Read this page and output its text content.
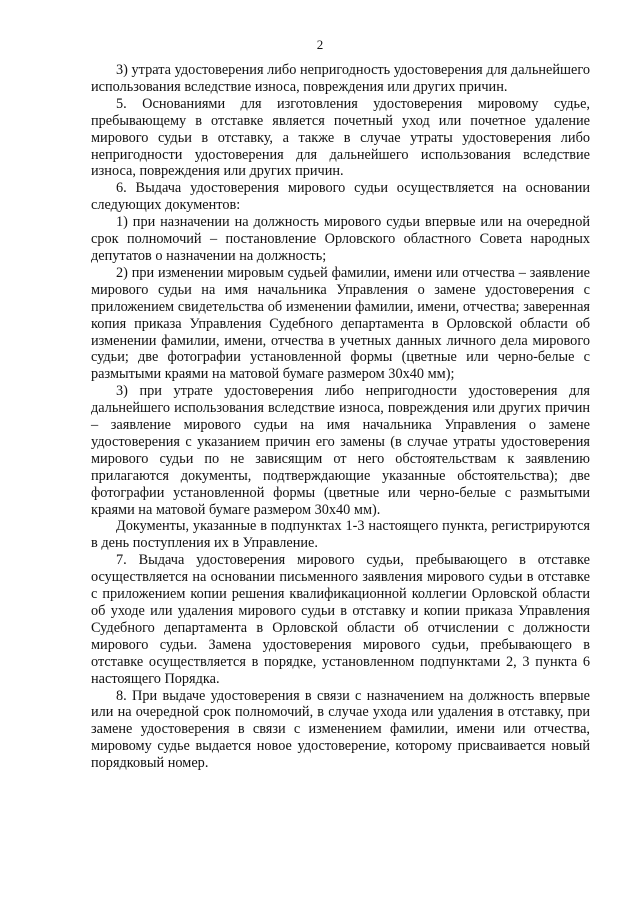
2

3) утрата удостоверения либо непригодность удостоверения для дальнейшего использования вследствие износа, повреждения или других причин.

5. Основаниями для изготовления удостоверения мировому судье, пребывающему в отставке является почетный уход или почетное удаление мирового судьи в отставку, а также в случае утраты удостоверения либо непригодности удостоверения для дальнейшего использования вследствие износа, повреждения или других причин.

6. Выдача удостоверения мирового судьи осуществляется на основании следующих документов:

1) при назначении на должность мирового судьи впервые или на очередной срок полномочий – постановление Орловского областного Совета народных депутатов о назначении на должность;

2) при изменении мировым судьей фамилии, имени или отчества – заявление мирового судьи на имя начальника Управления о замене удостоверения с приложением свидетельства об изменении фамилии, имени, отчества; заверенная копия приказа Управления Судебного департамента в Орловской области об изменении фамилии, имени, отчества в учетных данных личного дела мирового судьи; две фотографии установленной формы (цветные или черно-белые с размытыми краями на матовой бумаге размером 30х40 мм);

3) при утрате удостоверения либо непригодности удостоверения для дальнейшего использования вследствие износа, повреждения или других причин – заявление мирового судьи на имя начальника Управления о замене удостоверения с указанием причин его замены (в случае утраты удостоверения мирового судьи по не зависящим от него обстоятельствам к заявлению прилагаются документы, подтверждающие указанные обстоятельства); две фотографии установленной формы (цветные или черно-белые с размытыми краями на матовой бумаге размером 30х40 мм).

Документы, указанные в подпунктах 1-3 настоящего пункта, регистрируются в день поступления их в Управление.

7. Выдача удостоверения мирового судьи, пребывающего в отставке осуществляется на основании письменного заявления мирового судьи в отставке с приложением копии решения квалификационной коллегии Орловской области об уходе или удаления мирового судьи в отставку и копии приказа Управления Судебного департамента в Орловской области об отчислении с должности мирового судьи. Замена удостоверения мирового судьи, пребывающего в отставке осуществляется в порядке, установленном подпунктами 2, 3 пункта 6 настоящего Порядка.

8. При выдаче удостоверения в связи с назначением на должность впервые или на очередной срок полномочий, в случае ухода или удаления в отставку, при замене удостоверения в связи с изменением фамилии, имени или отчества, мировому судье выдается новое удостоверение, которому присваивается новый порядковый номер.
